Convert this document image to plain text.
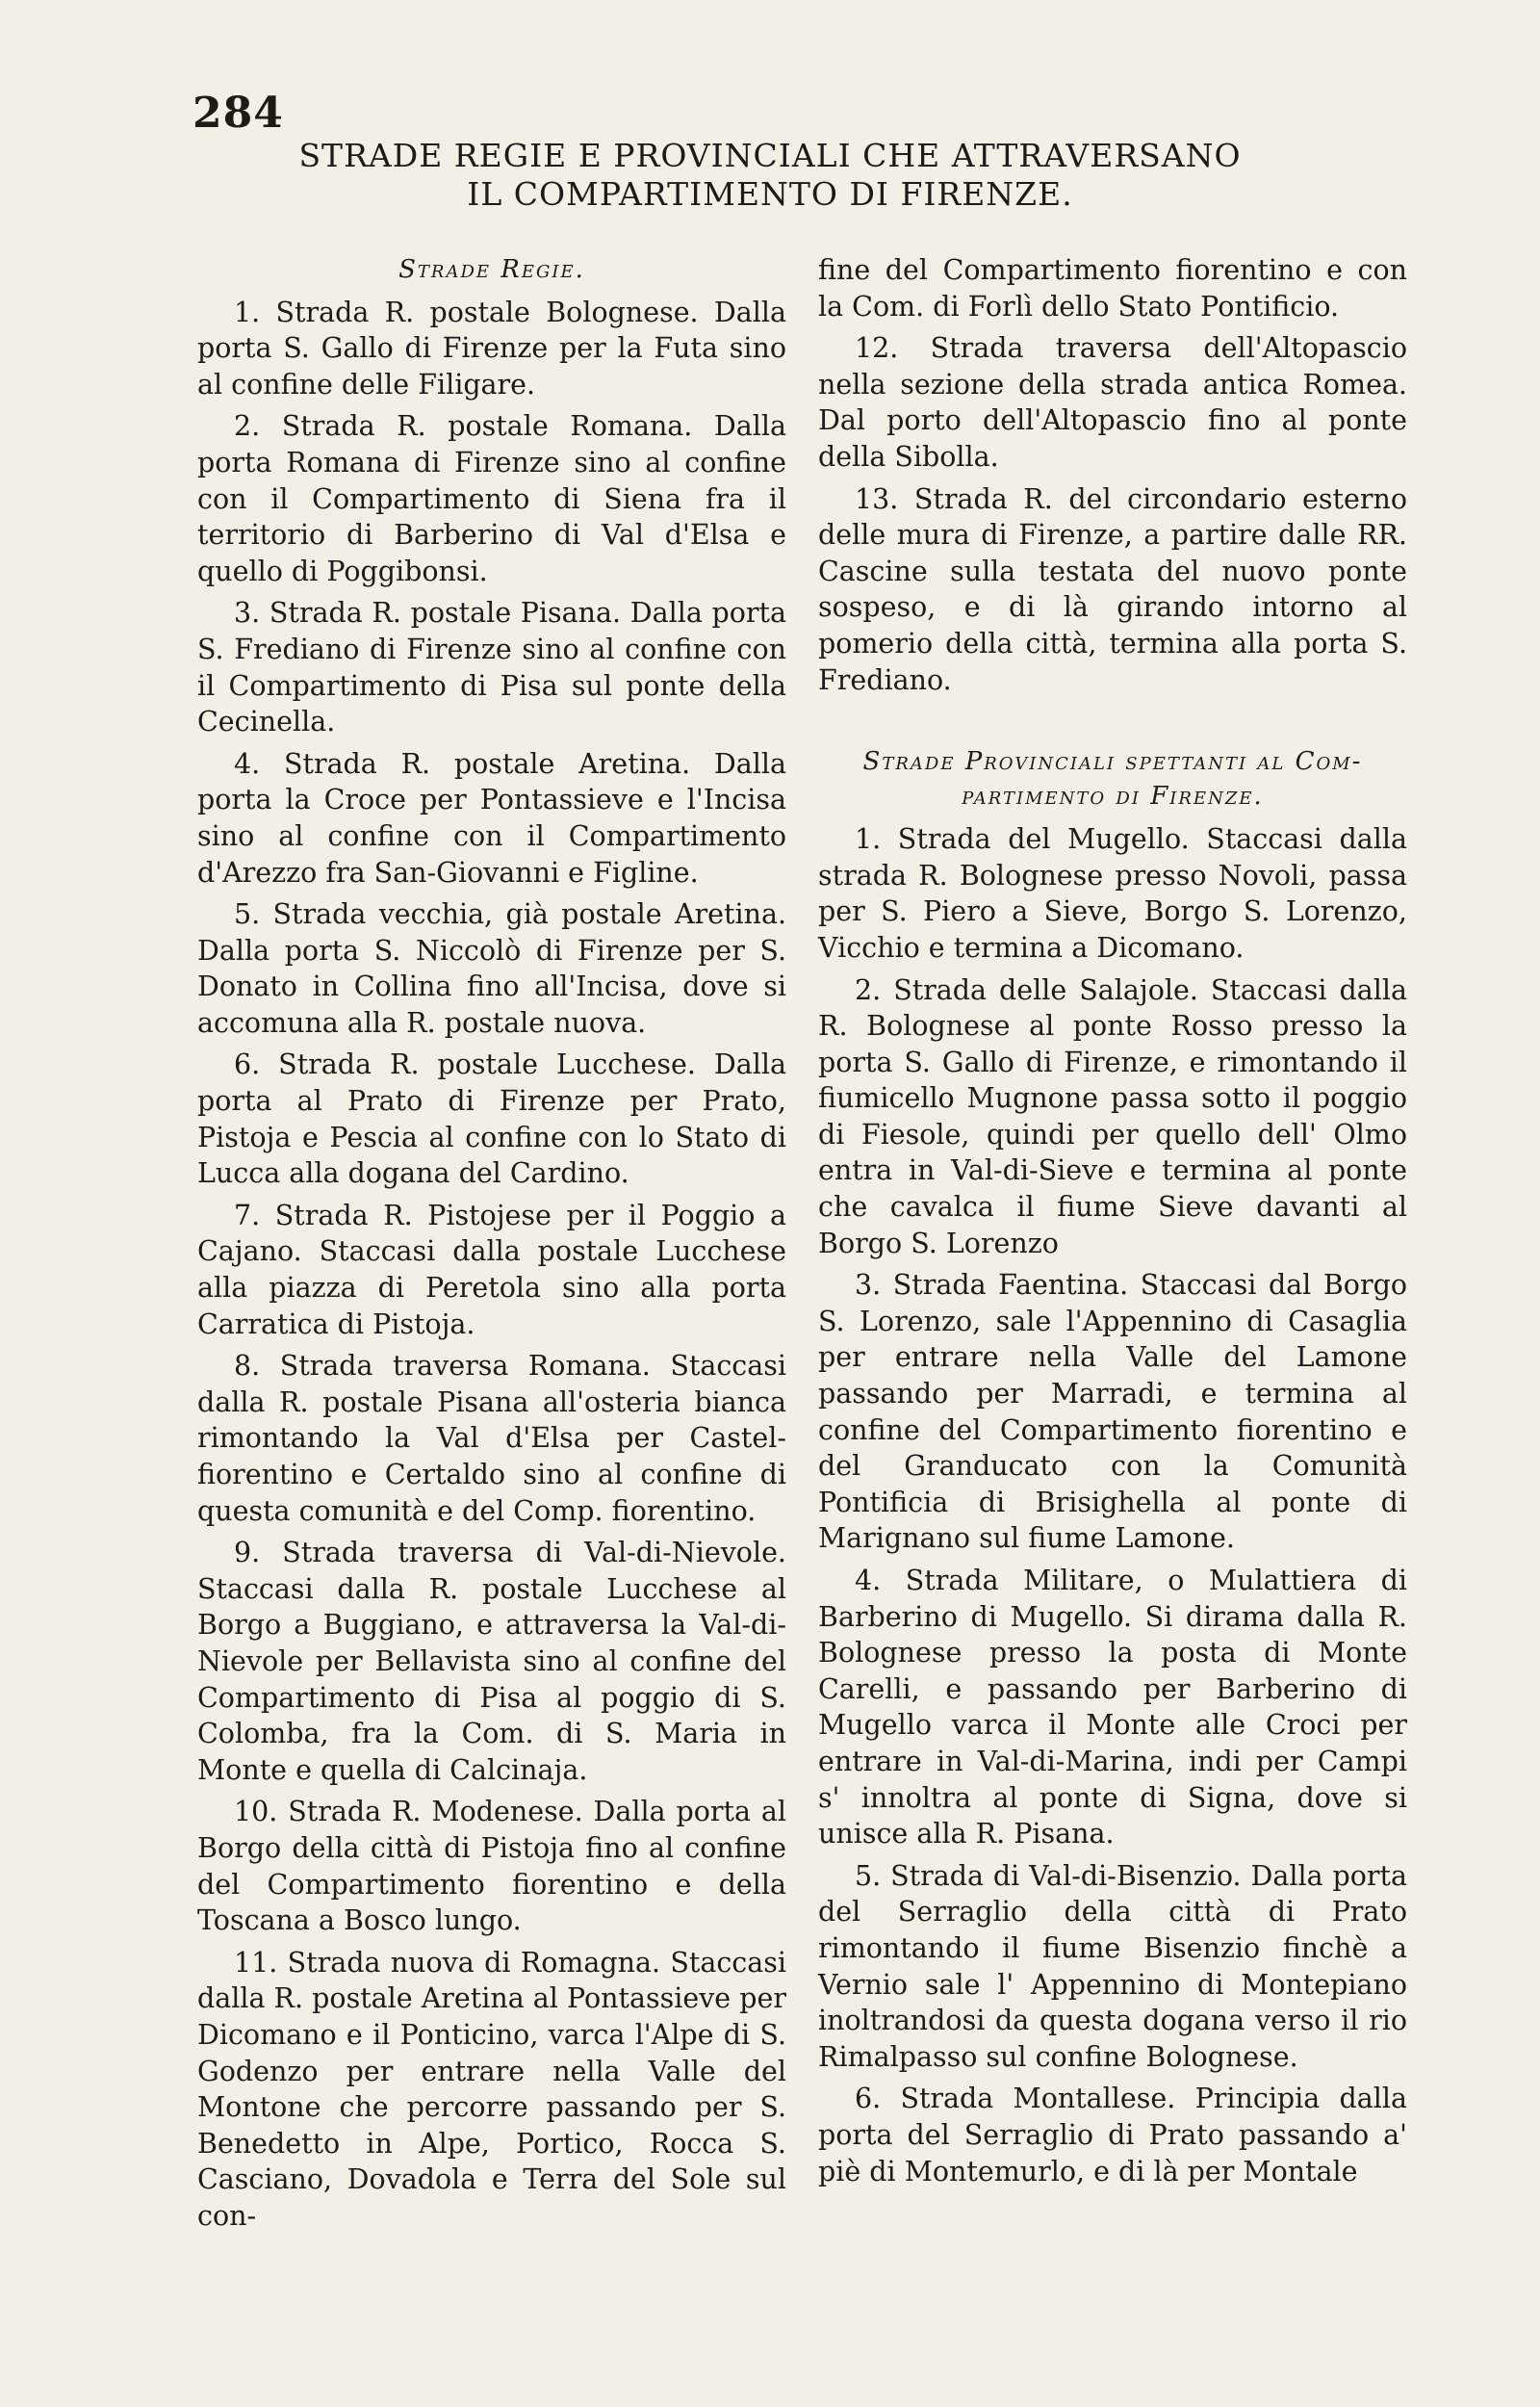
284
STRADE REGIE E PROVINCIALI CHE ATTRAVERSANO
IL COMPARTIMENTO DI FIRENZE.

Strade Regie.

1. Strada R. postale Bolognese. Dalla porta S. Gallo di Firenze per la Futa sino al confine delle Filigare.

2. Strada R. postale Romana. Dalla porta Romana di Firenze sino al confine con il Compartimento di Siena fra il territorio di Barberino di Val d'Elsa e quello di Poggibonsi.

3. Strada R. postale Pisana. Dalla porta S. Frediano di Firenze sino al confine con il Compartimento di Pisa sul ponte della Cecinella.

4. Strada R. postale Aretina. Dalla porta la Croce per Pontassieve e l'Incisa sino al confine con il Compartimento d'Arezzo fra San-Giovanni e Figline.

5. Strada vecchia, già postale Aretina. Dalla porta S. Niccolò di Firenze per S. Donato in Collina fino all'Incisa, dove si accomuna alla R. postale nuova.

6. Strada R. postale Lucchese. Dalla porta al Prato di Firenze per Prato, Pistoja e Pescia al confine con lo Stato di Lucca alla dogana del Cardino.

7. Strada R. Pistojese per il Poggio a Cajano. Staccasi dalla postale Lucchese alla piazza di Peretola sino alla porta Carratica di Pistoja.

8. Strada traversa Romana. Staccasi dalla R. postale Pisana all'osteria bianca rimontando la Val d'Elsa per Castel-fiorentino e Certaldo sino al confine di questa comunità e del Comp. fiorentino.

9. Strada traversa di Val-di-Nievole. Staccasi dalla R. postale Lucchese al Borgo a Buggiano, e attraversa la Val-di-Nievole per Bellavista sino al confine del Compartimento di Pisa al poggio di S. Colomba, fra la Com. di S. Maria in Monte e quella di Calcinaja.

10. Strada R. Modenese. Dalla porta al Borgo della città di Pistoja fino al confine del Compartimento fiorentino e della Toscana a Bosco lungo.

11. Strada nuova di Romagna. Staccasi dalla R. postale Aretina al Pontassieve per Dicomano e il Ponticino, varca l'Alpe di S. Godenzo per entrare nella Valle del Montone che percorre passando per S. Benedetto in Alpe, Portico, Rocca S. Casciano, Dovadola e Terra del Sole sul con-

fine del Compartimento fiorentino e con la Com. di Forlì dello Stato Pontificio.

12. Strada traversa dell'Altopascio nella sezione della strada antica Romea. Dal porto dell'Altopascio fino al ponte della Sibolla.

13. Strada R. del circondario esterno delle mura di Firenze, a partire dalle RR. Cascine sulla testata del nuovo ponte sospeso, e di là girando intorno al pomerio della città, termina alla porta S. Frediano.

Strade Provinciali spettanti al Com-
partimento di Firenze.

1. Strada del Mugello. Staccasi dalla strada R. Bolognese presso Novoli, passa per S. Piero a Sieve, Borgo S. Lorenzo, Vicchio e termina a Dicomano.

2. Strada delle Salajole. Staccasi dalla R. Bolognese al ponte Rosso presso la porta S. Gallo di Firenze, e rimontando il fiumicello Mugnone passa sotto il poggio di Fiesole, quindi per quello dell' Olmo entra in Val-di-Sieve e termina al ponte che cavalca il fiume Sieve davanti al Borgo S. Lorenzo

3. Strada Faentina. Staccasi dal Borgo S. Lorenzo, sale l'Appennino di Casaglia per entrare nella Valle del Lamone passando per Marradi, e termina al confine del Compartimento fiorentino e del Granducato con la Comunità Pontificia di Brisighella al ponte di Marignano sul fiume Lamone.

4. Strada Militare, o Mulattiera di Barberino di Mugello. Si dirama dalla R. Bolognese presso la posta di Monte Carelli, e passando per Barberino di Mugello varca il Monte alle Croci per entrare in Val-di-Marina, indi per Campi s' innoltra al ponte di Signa, dove si unisce alla R. Pisana.

5. Strada di Val-di-Bisenzio. Dalla porta del Serraglio della città di Prato rimontando il fiume Bisenzio finchè a Vernio sale l' Appennino di Montepiano inoltrandosi da questa dogana verso il rio Rimalpasso sul confine Bolognese.

6. Strada Montallese. Principia dalla porta del Serraglio di Prato passando a' piè di Montemurlo, e di là per Montale
